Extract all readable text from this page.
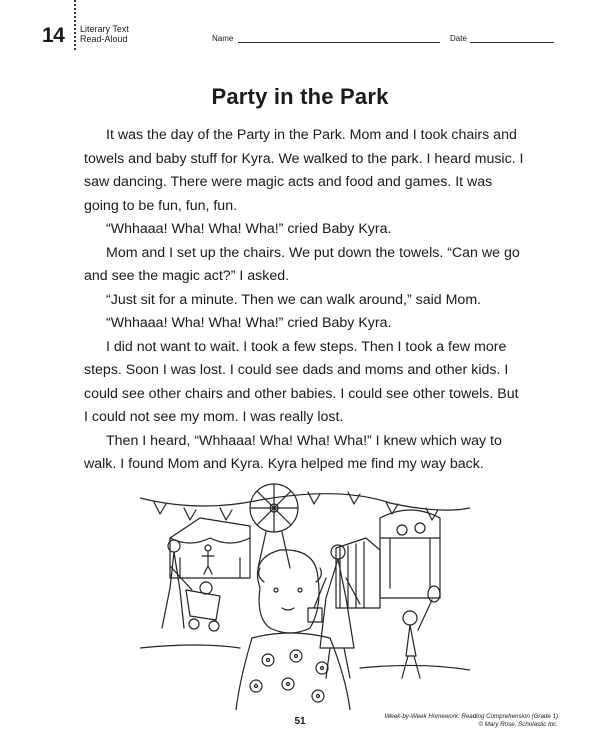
14 Literary Text
Read-Aloud	Name	Date
Party in the Park

It was the day of the Party in the Park. Mom and I took chairs and towels and baby stuff for Kyra. We walked to the park. I heard music. I saw dancing. There were magic acts and food and games. It was going to be fun, fun, fun.

“Whhaaa! Wha! Wha! Wha!” cried Baby Kyra.

Mom and I set up the chairs. We put down the towels. “Can we go and see the magic act?” I asked.

“Just sit for a minute. Then we can walk around,” said Mom.

“Whhaaa! Wha! Wha! Wha!” cried Baby Kyra.

I did not want to wait. I took a few steps. Then I took a few more steps. Soon I was lost. I could see dads and moms and other kids. I could see other chairs and other babies. I could see other towels. But I could not see my mom. I was really lost.

Then I heard, “Whhaaa! Wha! Wha! Wha!” I knew which way to walk. I found Mom and Kyra. Kyra helped me find my way back.

51	Week-by-Week Homework: Reading Comprehension (Grade 1)
© Mary Rose, Scholastic Inc.
